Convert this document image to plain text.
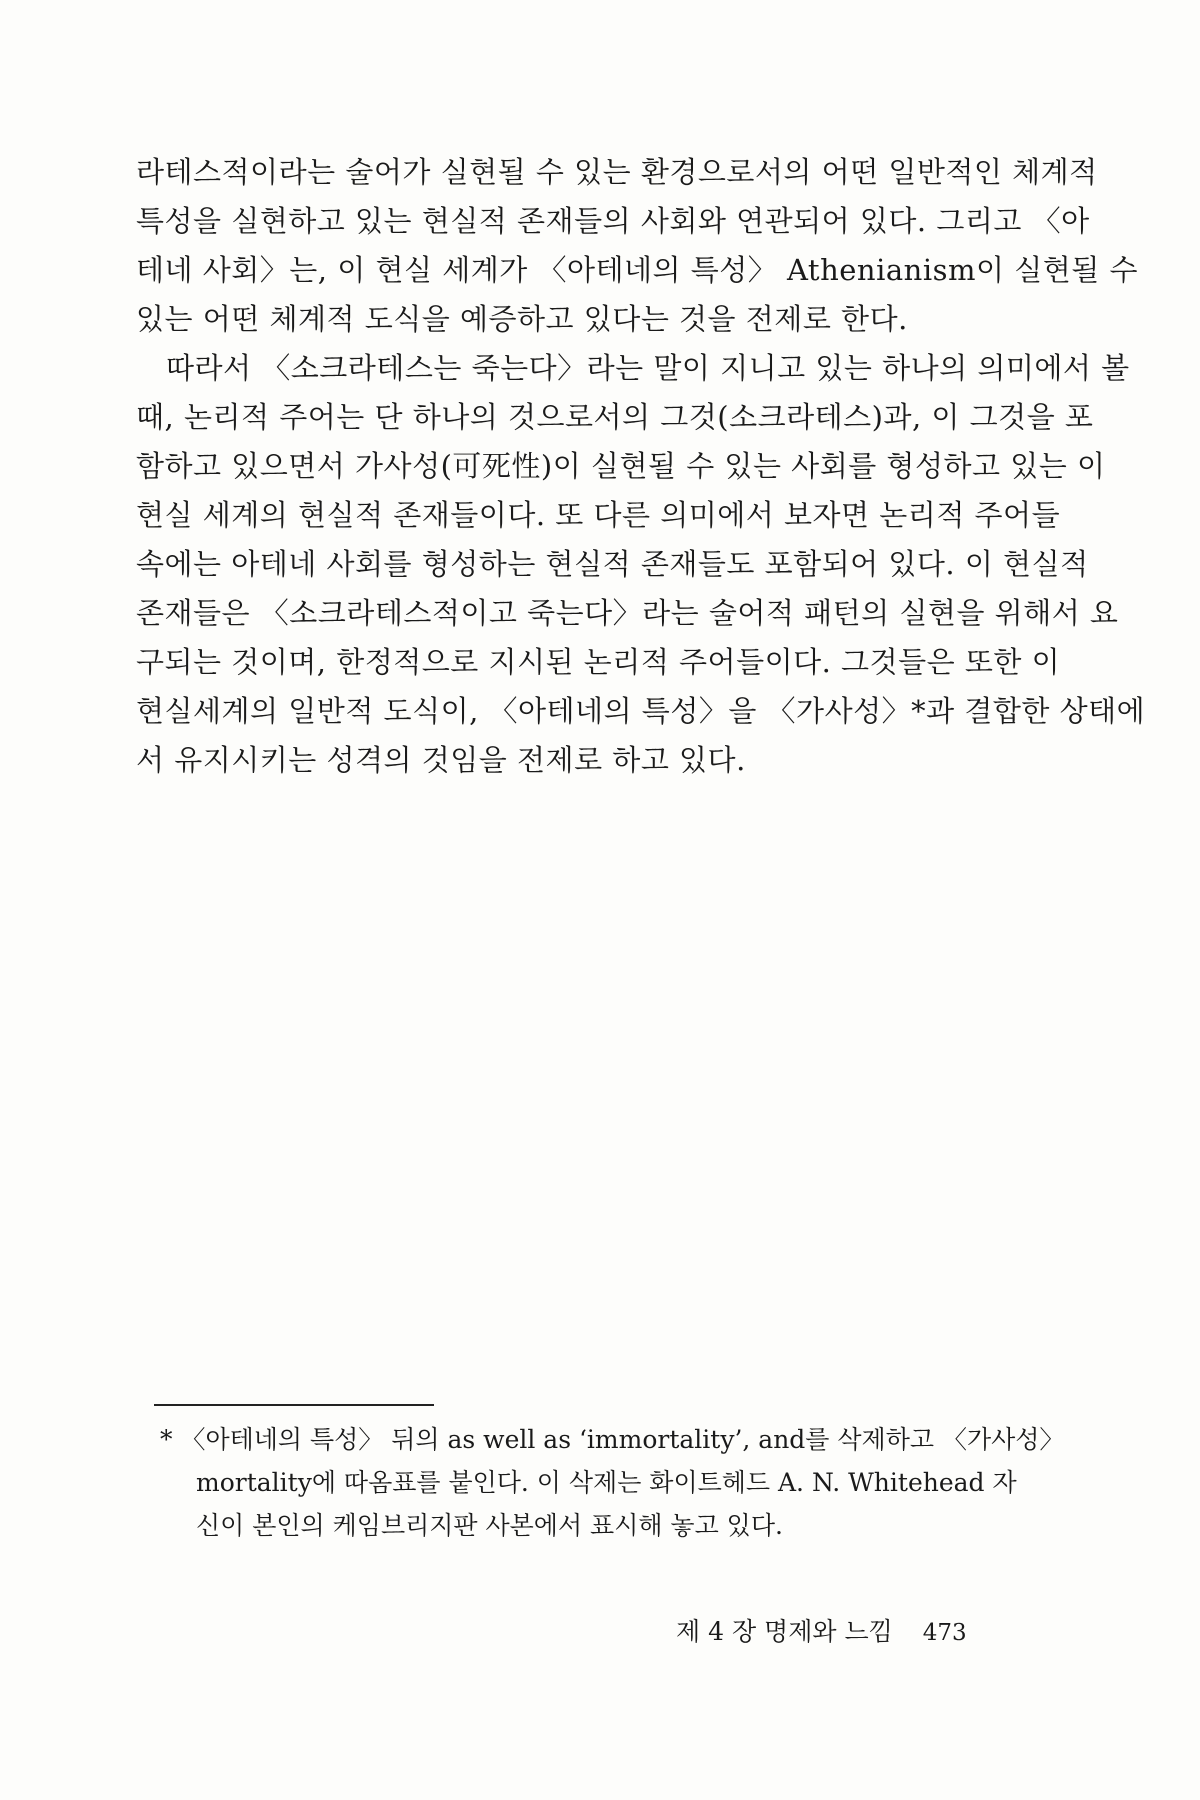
라테스적이라는 술어가 실현될 수 있는 환경으로서의 어떤 일반적인 체계적
특성을 실현하고 있는 현실적 존재들의 사회와 연관되어 있다. 그리고 〈아
테네 사회〉는, 이 현실 세계가 〈아테네의 특성〉 Athenianism이 실현될 수
있는 어떤 체계적 도식을 예증하고 있다는 것을 전제로 한다.
따라서 〈소크라테스는 죽는다〉라는 말이 지니고 있는 하나의 의미에서 볼
때, 논리적 주어는 단 하나의 것으로서의 그것(소크라테스)과, 이 그것을 포
함하고 있으면서 가사성(可死性)이 실현될 수 있는 사회를 형성하고 있는 이
현실 세계의 현실적 존재들이다. 또 다른 의미에서 보자면 논리적 주어들
속에는 아테네 사회를 형성하는 현실적 존재들도 포함되어 있다. 이 현실적
존재들은 〈소크라테스적이고 죽는다〉라는 술어적 패턴의 실현을 위해서 요
구되는 것이며, 한정적으로 지시된 논리적 주어들이다. 그것들은 또한 이
현실세계의 일반적 도식이, 〈아테네의 특성〉을 〈가사성〉*과 결합한 상태에
서 유지시키는 성격의 것임을 전제로 하고 있다.
* 〈아테네의 특성〉 뒤의 as well as ‘immortality’, and를 삭제하고 〈가사성〉
mortality에 따옴표를 붙인다. 이 삭제는 화이트헤드 A. N. Whitehead 자
신이 본인의 케임브리지판 사본에서 표시해 놓고 있다.
제 4 장 명제와 느낌 473
